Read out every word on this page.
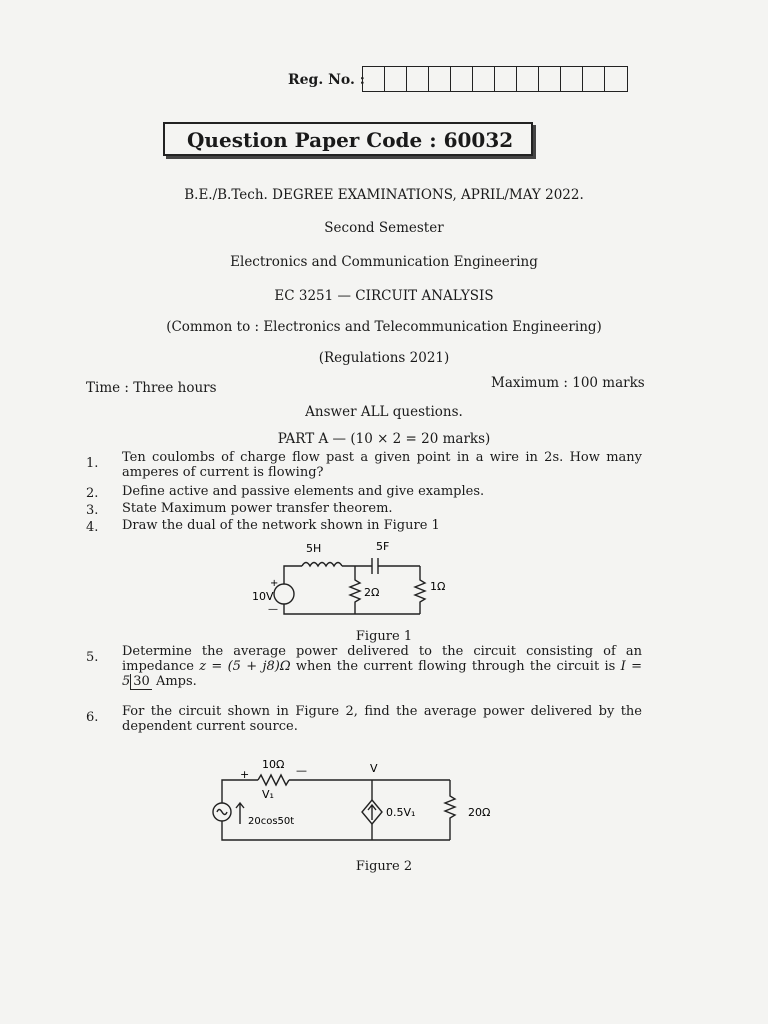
Reg. No. :
Question Paper Code : 60032
B.E./B.Tech. DEGREE EXAMINATIONS, APRIL/MAY 2022.
Second Semester
Electronics and Communication Engineering
EC 3251 — CIRCUIT ANALYSIS
(Common to : Electronics and Telecommunication Engineering)
(Regulations 2021)
Time : Three hours	Maximum : 100 marks
Answer ALL questions.
PART A — (10 × 2 = 20 marks)
1. Ten coulombs of charge flow past a given point in a wire in 2s. How many amperes of current is flowing?
2. Define active and passive elements and give examples.
3. State Maximum power transfer theorem.
4. Draw the dual of the network shown in Figure 1
5H	5F
10V
+
—
2Ω	1Ω
Figure 1
5. Determine the average power delivered to the circuit consisting of an impedance z = (5 + j8)Ω when the current flowing through the circuit is I = 5 30 Amps.
6. For the circuit shown in Figure 2, find the average power delivered by the dependent current source.
10Ω
+	—
V₁
V
20cos50t
0.5V₁	20Ω
Figure 2
